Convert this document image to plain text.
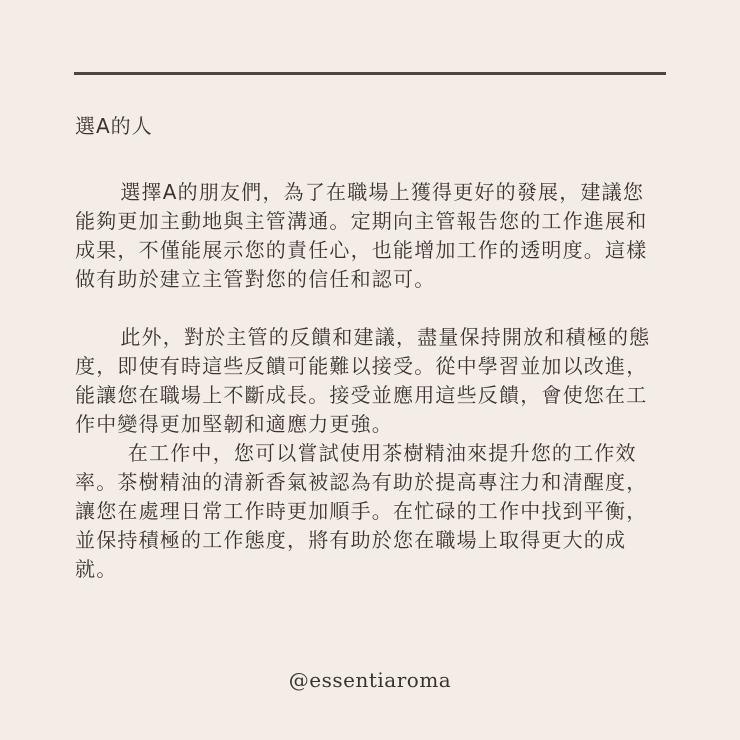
選A的人

選擇A的朋友們，為了在職場上獲得更好的發展，建議您能夠更加主動地與主管溝通。定期向主管報告您的工作進展和成果，不僅能展示您的責任心，也能增加工作的透明度。這樣做有助於建立主管對您的信任和認可。

此外，對於主管的反饋和建議，盡量保持開放和積極的態度，即使有時這些反饋可能難以接受。從中學習並加以改進，能讓您在職場上不斷成長。接受並應用這些反饋，會使您在工作中變得更加堅韌和適應力更強。

在工作中，您可以嘗試使用茶樹精油來提升您的工作效率。茶樹精油的清新香氣被認為有助於提高專注力和清醒度，讓您在處理日常工作時更加順手。在忙碌的工作中找到平衡，並保持積極的工作態度，將有助於您在職場上取得更大的成就。

@essentiaroma
